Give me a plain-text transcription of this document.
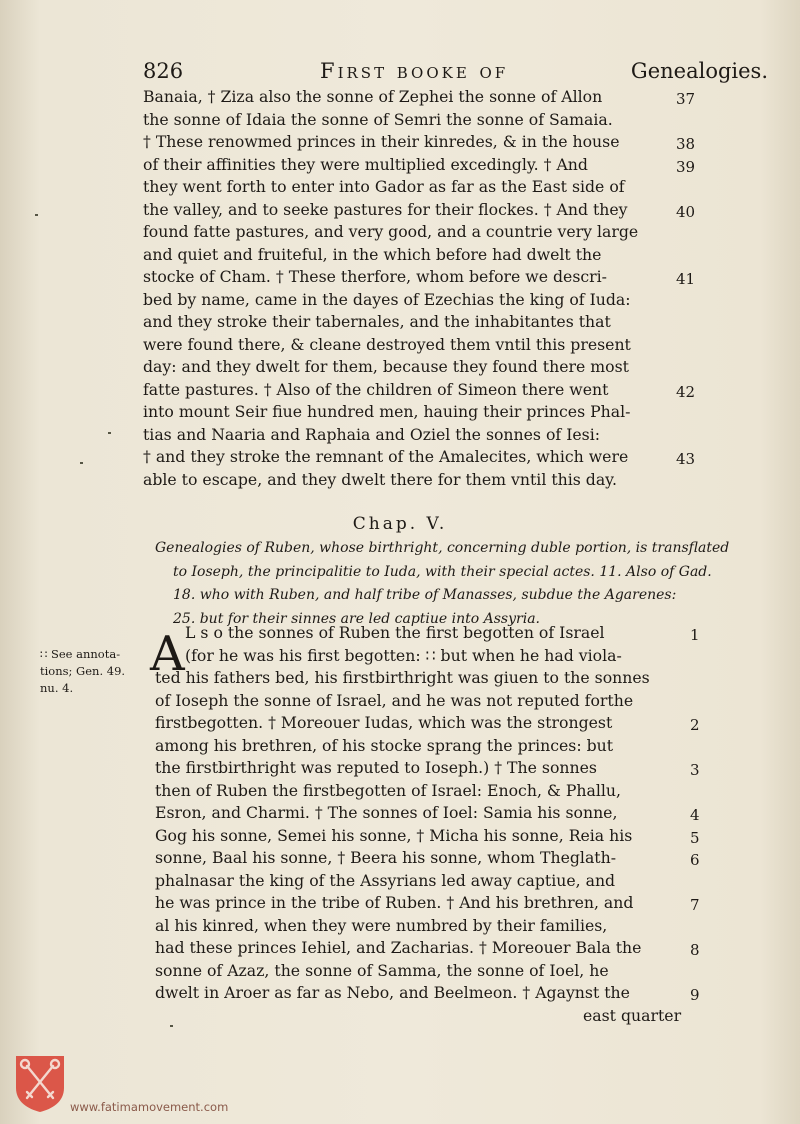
826	First booke of	Genealogies.
Banaia, † Ziza also the sonne of Zephei the sonne of Allon
the sonne of Idaia the sonne of Semri the sonne of Samaia.
† These renowmed princes in their kinredes, & in the house
of their affinities they were multiplied excedingly. † And
they went forth to enter into Gador as far as the East side of
the valley, and to seeke pastures for their flockes. † And they
found fatte pastures, and very good, and a countrie very large
and quiet and fruiteful, in the which before had dwelt the
stocke of Cham. † These therfore, whom before we descri-
bed by name, came in the dayes of Ezechias the king of Iuda:
and they stroke their tabernales, and the inhabitantes that
were found there, & cleane destroyed them vntil this present
day: and they dwelt for them, because they found there most
fatte pastures. † Also of the children of Simeon there went
into mount Seir fiue hundred men, hauing their princes Phal-
tias and Naaria and Raphaia and Oziel the sonnes of Iesi:
† and they stroke the remnant of the Amalecites, which were
able to escape, and they dwelt there for them vntil this day.
37
38
39
40
41
42
43
Chap. V.
Genealogies of Ruben, whose birthright, concerning duble portion, is transflated
to Ioseph, the principalitie to Iuda, with their special actes. 11. Also of Gad.
18. who with Ruben, and half tribe of Manasses, subdue the Agarenes:
25. but for their sinnes are led captiue into Assyria.
∷ See annota-
tions; Gen. 49.
nu. 4.
A L s o the sonnes of Ruben the first begotten of Israel
(for he was his first begotten: ∷ but when he had viola-
ted his fathers bed, his firstbirthright was giuen to the sonnes
of Ioseph the sonne of Israel, and he was not reputed forthe
firstbegotten. † Moreouer Iudas, which was the strongest
among his brethren, of his stocke sprang the princes: but
the firstbirthright was reputed to Ioseph.) † The sonnes
then of Ruben the firstbegotten of Israel: Enoch, & Phallu,
Esron, and Charmi. † The sonnes of Ioel: Samia his sonne,
Gog his sonne, Semei his sonne, † Micha his sonne, Reia his
sonne, Baal his sonne, † Beera his sonne, whom Theglath-
phalnasar the king of the Assyrians led away captiue, and
he was prince in the tribe of Ruben. † And his brethren, and
al his kinred, when they were numbred by their families,
had these princes Iehiel, and Zacharias. † Moreouer Bala the
sonne of Azaz, the sonne of Samma, the sonne of Ioel, he
dwelt in Aroer as far as Nebo, and Beelmeon. † Agaynst the
east quarter
1
2
3
4
5
6
7
8
9
www.fatimamovement.com
